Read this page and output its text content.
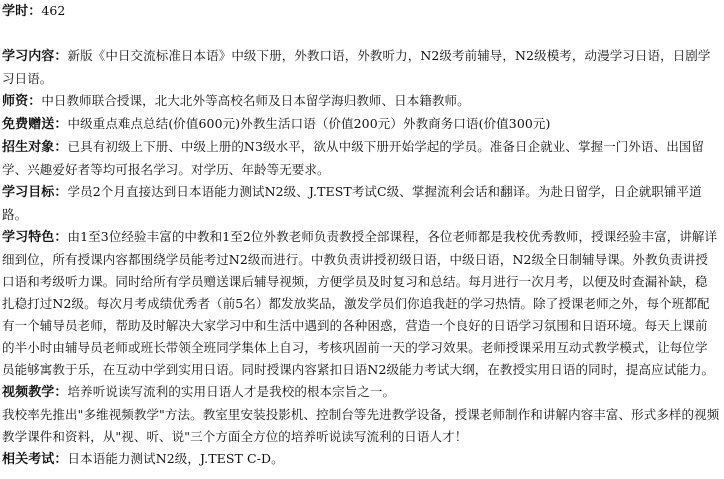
学时：462

学习内容：新版《中日交流标准日本语》中级下册，外教口语，外教听力，N2级考前辅导，N2级模考，动漫学习日语，日剧学习日语。

师资：中日教师联合授课，北大北外等高校名师及日本留学海归教师、日本籍教师。

免费赠送：中级重点难点总结(价值600元)外教生活口语（价值200元）外教商务口语(价值300元)

招生对象：已具有初级上下册、中级上册的N3级水平，欲从中级下册开始学起的学员。准备日企就业、掌握一门外语、出国留学、兴趣爱好者等均可报名学习。对学历、年龄等无要求。

学习目标：学员2个月直接达到日本语能力测试N2级、J.TEST考试C级、掌握流利会话和翻译。为赴日留学，日企就职铺平道路。

学习特色：由1至3位经验丰富的中教和1至2位外教老师负责教授全部课程，各位老师都是我校优秀教师，授课经验丰富，讲解详细到位，所有授课内容都围绕学员能考过N2级而进行。中教负责讲授初级日语，中级日语，N2级全日制辅导课。外教负责讲授口语和考级听力课。同时给所有学员赠送课后辅导视频，方便学员及时复习和总结。每月进行一次月考，以便及时查漏补缺，稳扎稳打过N2级。每次月考成绩优秀者（前5名）都发放奖品，激发学员们你追我赶的学习热情。除了授课老师之外，每个班都配有一个辅导员老师，帮助及时解决大家学习中和生活中遇到的各种困惑，营造一个良好的日语学习氛围和日语环境。每天上课前的半小时由辅导员老师或班长带领全班同学集体上自习，考核巩固前一天的学习效果。老师授课采用互动式教学模式，让每位学员能够寓教于乐，在互动中学到实用日语。同时授课内容紧扣日语N2级能力考试大纲，在教授实用日语的同时，提高应试能力。

视频教学：培养听说读写流利的实用日语人才是我校的根本宗旨之一。

我校率先推出"多维视频教学"方法。教室里安装投影机、控制台等先进教学设备，授课老师制作和讲解内容丰富、形式多样的视频教学课件和资料，从"视、听、说"三个方面全方位的培养听说读写流利的日语人才！

相关考试：日本语能力测试N2级，J.TEST C-D。
